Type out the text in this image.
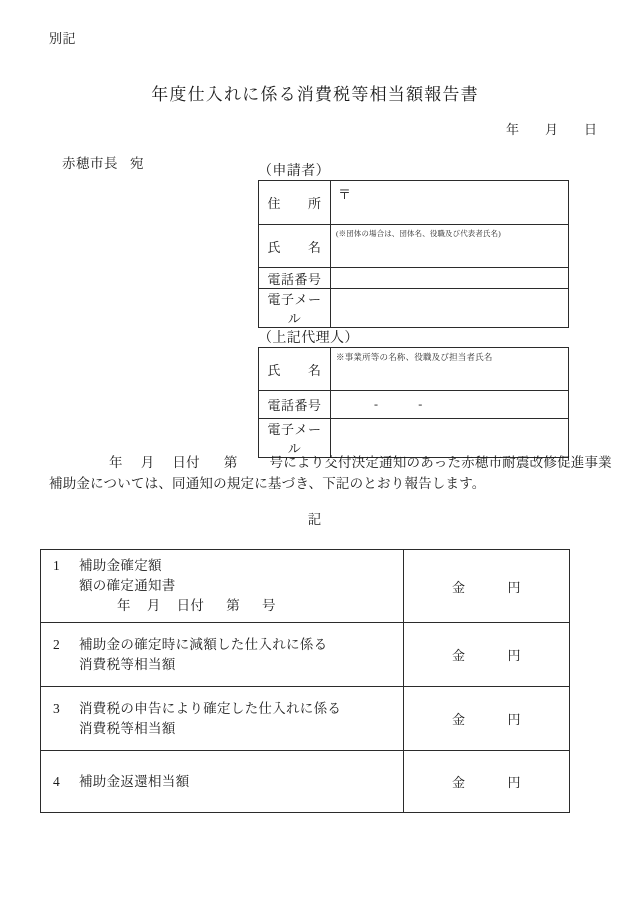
別記
年度仕入れに係る消費税等相当額報告書
年 月 日
赤穂市長 宛
（申請者）
住　　所	〒
氏　　名	(※団体の場合は、団体名、役職及び代表者氏名)

電話番号	
電子メール	
（上記代理人）
氏　　名	※事業所等の名称、役職及び担当者氏名

電話番号	- -

電子メール	
年 月 日付 第 号により交付決定通知のあった赤穂市耐震改修促進事業
補助金については、同通知の規定に基づき、下記のとおり報告します。
記
1 補助金確定額
額の確定通知書
年 月 日付 第 号	金 円
2 補助金の確定時に減額した仕入れに係る
消費税等相当額	金 円
3 消費税の申告により確定した仕入れに係る
消費税等相当額	金 円
4 補助金返還相当額	金 円
